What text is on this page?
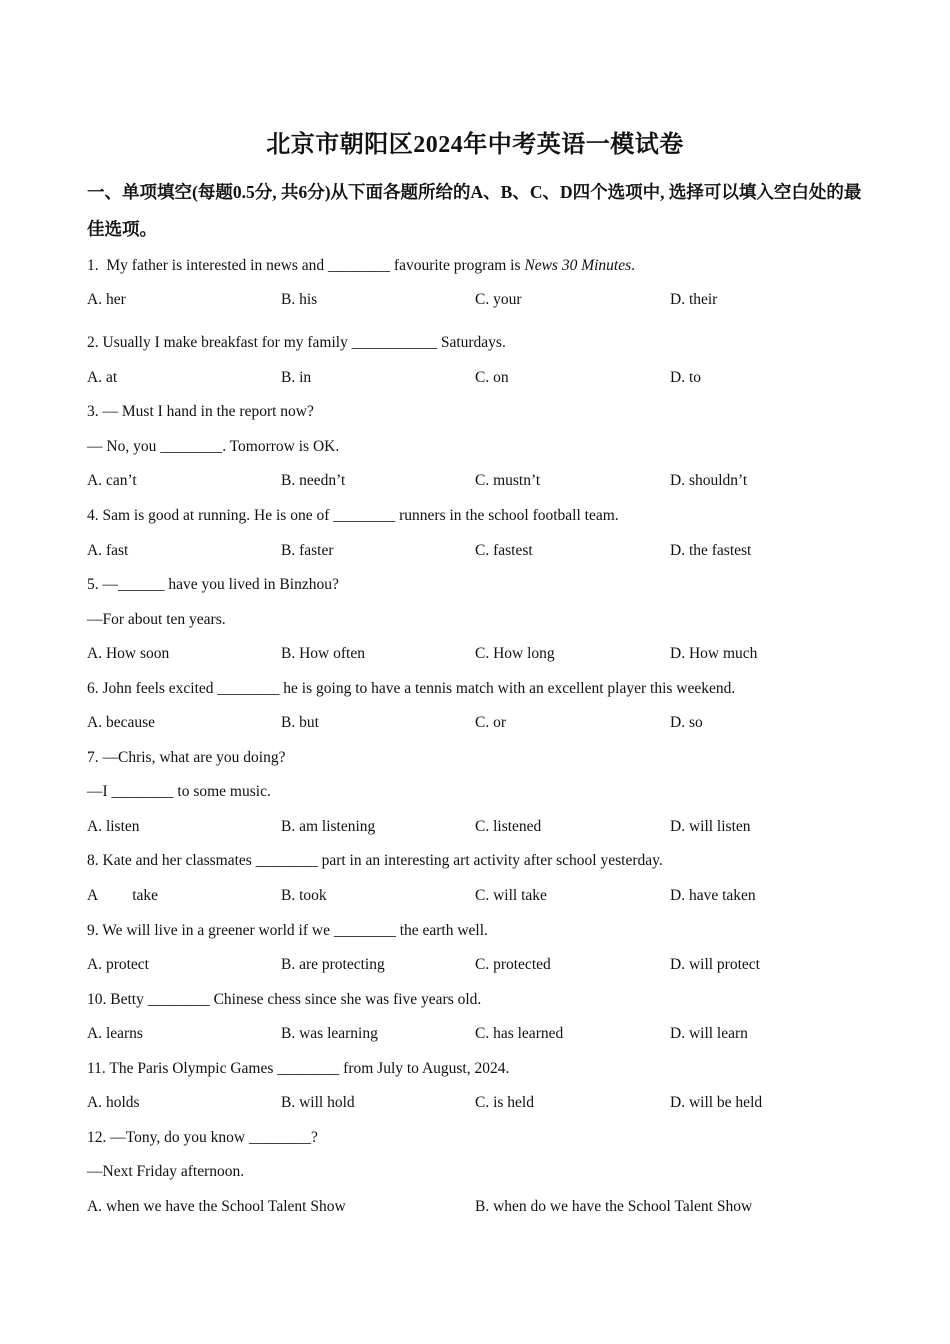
北京市朝阳区2024年中考英语一模试卷
一、单项填空(每题0.5分, 共6分)从下面各题所给的A、B、C、D四个选项中, 选择可以填入空白处的最佳选项。
1.  My father is interested in news and ________ favourite program is News 30 Minutes.
A. her	B. his	C. your	D. their
2. Usually I make breakfast for my family ___________ Saturdays.
A. at	B. in	C. on	D. to
3. — Must I hand in the report now?
— No, you ________. Tomorrow is OK.
A. can’t	B. needn’t	C. mustn’t	D. shouldn’t
4. Sam is good at running. He is one of ________ runners in the school football team.
A. fast	B. faster	C. fastest	D. the fastest
5. —______ have you lived in Binzhou?
—For about ten years.
A. How soon	B. How often	C. How long	D. How much
6. John feels excited ________ he is going to have a tennis match with an excellent player this weekend.
A. because	B. but	C. or	D. so
7. —Chris, what are you doing?
—I ________ to some music.
A. listen	B. am listening	C. listened	D. will listen
8. Kate and her classmates ________ part in an interesting art activity after school yesterday.
A         take	B. took	C. will take	D. have taken
9. We will live in a greener world if we ________ the earth well.
A. protect	B. are protecting	C. protected	D. will protect
10. Betty ________ Chinese chess since she was five years old.
A. learns	B. was learning	C. has learned	D. will learn
11. The Paris Olympic Games ________ from July to August, 2024.
A. holds	B. will hold	C. is held	D. will be held
12. —Tony, do you know ________?
—Next Friday afternoon.
A. when we have the School Talent Show	B. when do we have the School Talent Show
